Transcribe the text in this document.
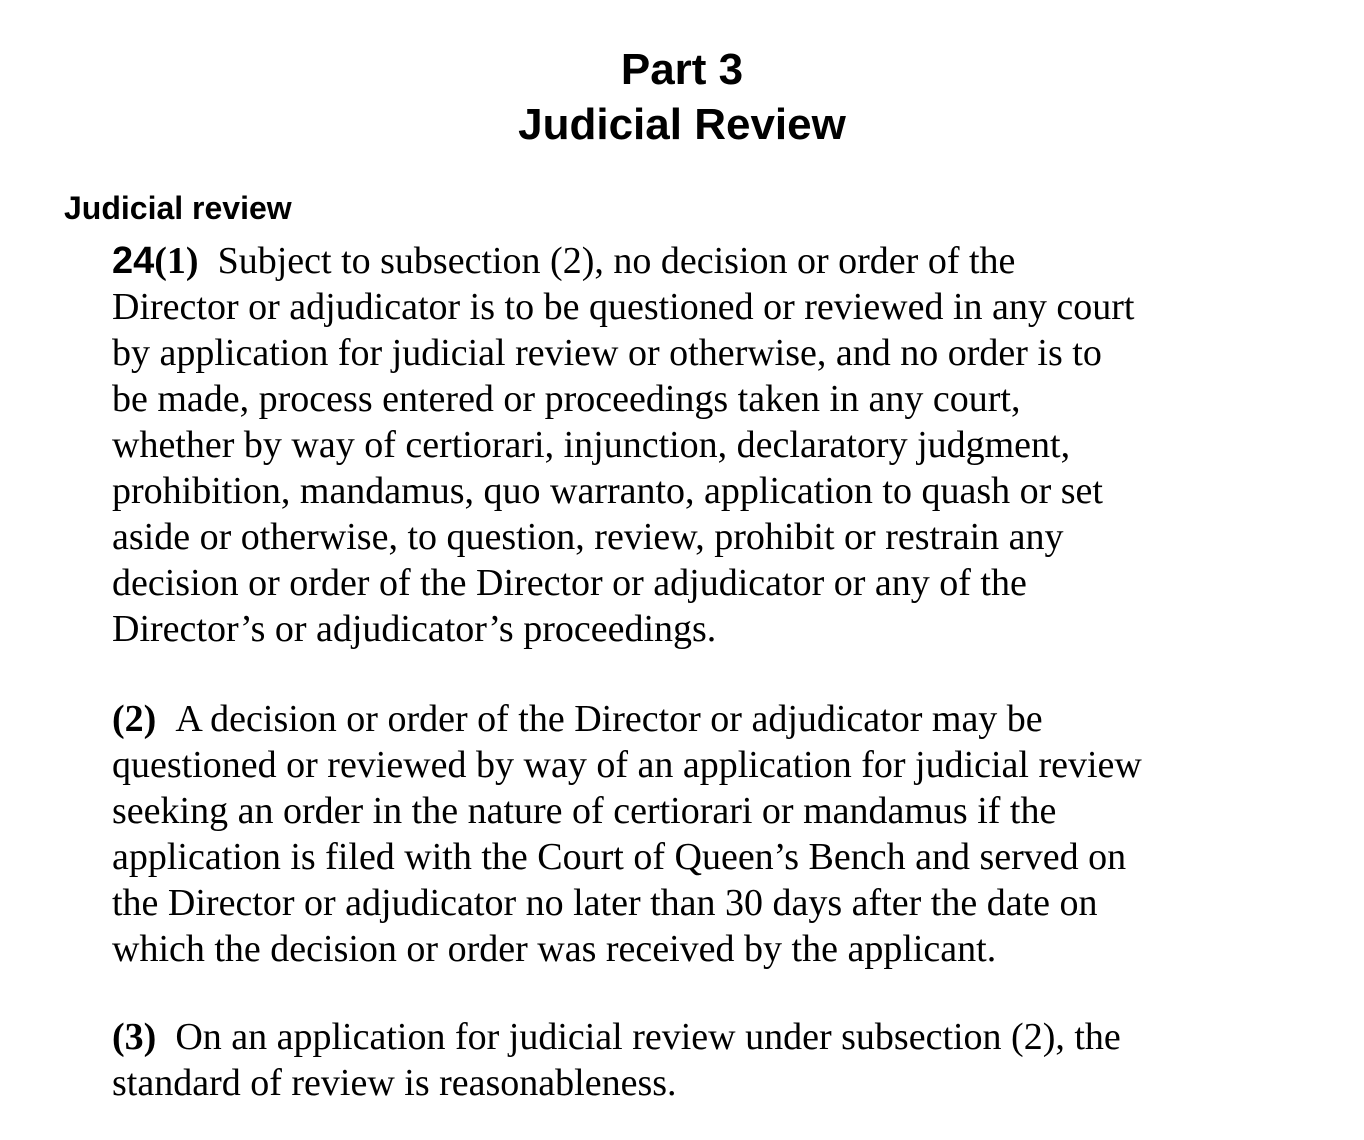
Part 3
Judicial Review
Judicial review

24(1) Subject to subsection (2), no decision or order of the
Director or adjudicator is to be questioned or reviewed in any court
by application for judicial review or otherwise, and no order is to
be made, process entered or proceedings taken in any court,
whether by way of certiorari, injunction, declaratory judgment,
prohibition, mandamus, quo warranto, application to quash or set
aside or otherwise, to question, review, prohibit or restrain any
decision or order of the Director or adjudicator or any of the
Director’s or adjudicator’s proceedings.

(2) A decision or order of the Director or adjudicator may be
questioned or reviewed by way of an application for judicial review
seeking an order in the nature of certiorari or mandamus if the
application is filed with the Court of Queen’s Bench and served on
the Director or adjudicator no later than 30 days after the date on
which the decision or order was received by the applicant.

(3) On an application for judicial review under subsection (2), the
standard of review is reasonableness.
